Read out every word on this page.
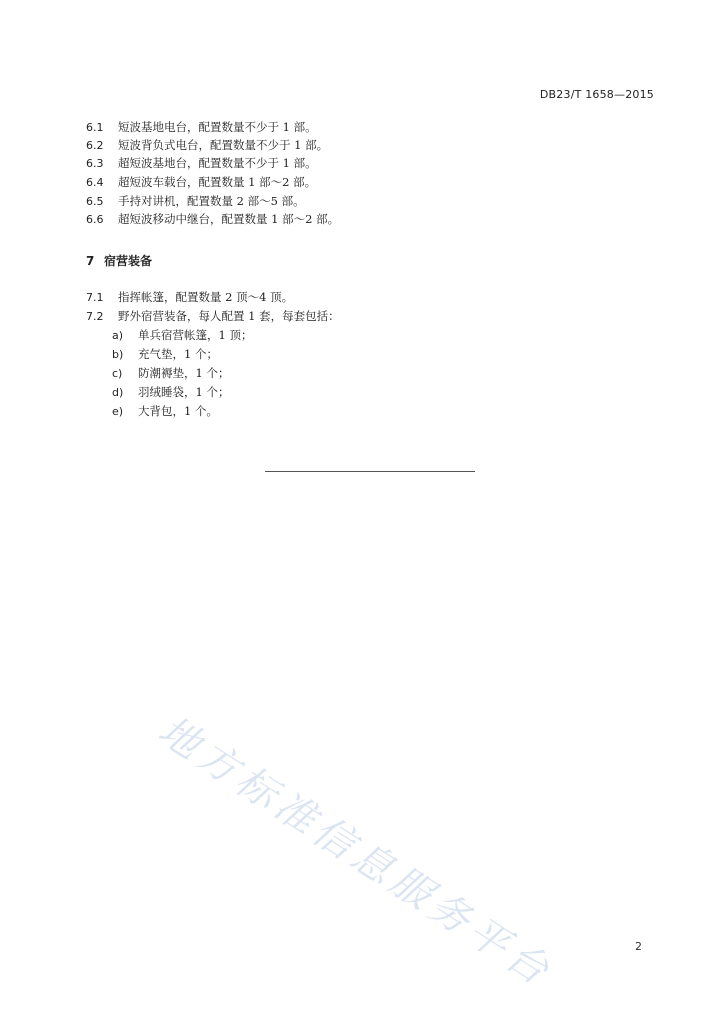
DB23/T 1658—2015
6.1 短波基地电台，配置数量不少于 1 部。
6.2 短波背负式电台，配置数量不少于 1 部。
6.3 超短波基地台，配置数量不少于 1 部。
6.4 超短波车载台，配置数量 1 部～2 部。
6.5 手持对讲机，配置数量 2 部～5 部。
6.6 超短波移动中继台，配置数量 1 部～2 部。
7 宿营装备
7.1 指挥帐篷，配置数量 2 顶～4 顶。
7.2 野外宿营装备，每人配置 1 套，每套包括：
a) 单兵宿营帐篷，1 顶；
b) 充气垫，1 个；
c) 防潮褥垫，1 个；
d) 羽绒睡袋，1 个；
e) 大背包，1 个。
地方标准信息服务平台	2
